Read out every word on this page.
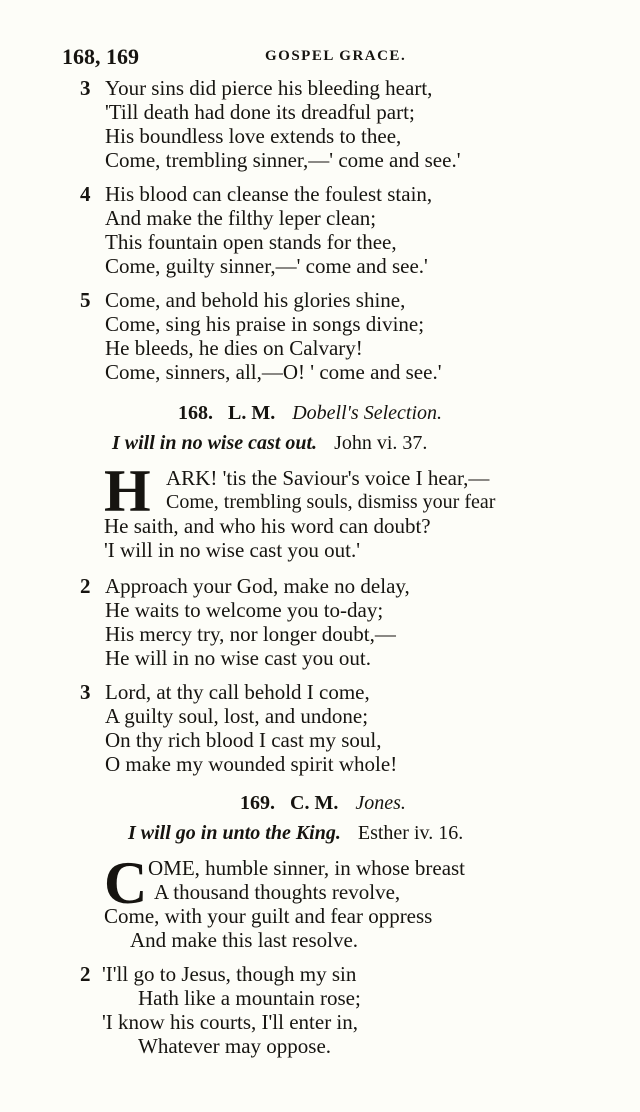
168, 169	GOSPEL GRACE.
3 Your sins did pierce his bleeding heart,
'Till death had done its dreadful part;
His boundless love extends to thee,
Come, trembling sinner,—' come and see.'
4 His blood can cleanse the foulest stain,
And make the filthy leper clean;
This fountain open stands for thee,
Come, guilty sinner,—' come and see.'
5 Come, and behold his glories shine,
Come, sing his praise in songs divine;
He bleeds, he dies on Calvary!
Come, sinners, all,—O! ' come and see.'
168. L. M. Dobell's Selection.
I will in no wise cast out. John vi. 37.
H ARK! 'tis the Saviour's voice I hear,—
Come, trembling souls, dismiss your fear
He saith, and who his word can doubt?
'I will in no wise cast you out.'
2 Approach your God, make no delay,
He waits to welcome you to-day;
His mercy try, nor longer doubt,—
He will in no wise cast you out.
3 Lord, at thy call behold I come,
A guilty soul, lost, and undone;
On thy rich blood I cast my soul,
O make my wounded spirit whole!
169. C. M. Jones.
I will go in unto the King. Esther iv. 16.
C OME, humble sinner, in whose breast
A thousand thoughts revolve,
Come, with your guilt and fear oppress
And make this last resolve.
2 'I'll go to Jesus, though my sin
Hath like a mountain rose;
'I know his courts, I'll enter in,
Whatever may oppose.
